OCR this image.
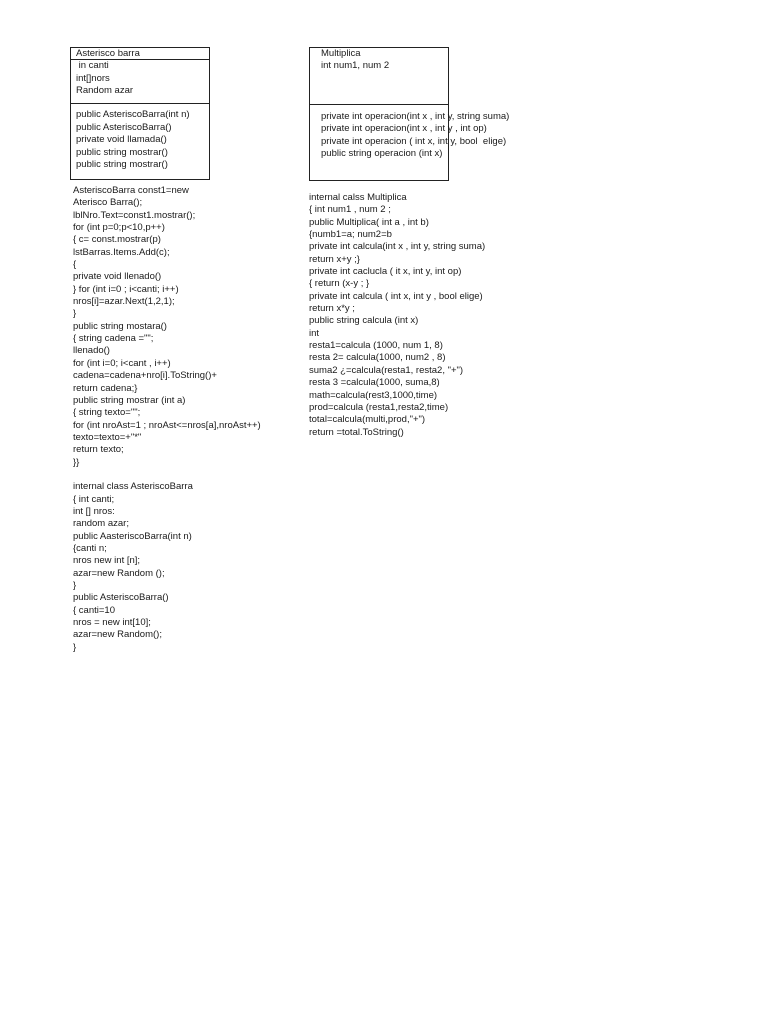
Asterisco barra
in canti
int[]nors
Random azar
public AsteriscoBarra(int n)
public AsteriscoBarra()
private void llamada()
public string mostrar()
public string mostrar()
Multiplica
int num1, num 2
private int operacion(int x , int y, string suma)
private int operacion(int x , int y , int op)
private int operacion ( int x, int y, bool  elige)
public string operacion (int x)
AsteriscoBarra const1=new
Aterisco Barra();
lblNro.Text=const1.mostrar();
for (int p=0;p<10,p++)
{ c= const.mostrar(p)
lstBarras.Items.Add(c);
{
private void llenado()
} for (int i=0 ; i<canti; i++)
nros[i]=azar.Next(1,2,1);
}
public string mostara()
{ string cadena ="";
llenado()
for (int i=0; i<cant , i++)
cadena=cadena+nro[i].ToString()+
return cadena;}
public string mostrar (int a)
{ string texto="";
for (int nroAst=1 ; nroAst<=nros[a],nroAst++)
texto=texto=+"*"
return texto;
}}

internal class AsteriscoBarra
{ int canti;
int [] nros:
random azar;
public AasteriscoBarra(int n)
{canti n;
nros new int [n];
azar=new Random ();
}
public AsteriscoBarra()
{ canti=10
nros = new int[10];
azar=new Random();
}
internal calss Multiplica
{ int num1 , num 2 ;
public Multiplica( int a , int b)
{numb1=a; num2=b
private int calcula(int x , int y, string suma)
return x+y ;}
private int caclucla ( it x, int y, int op)
{ return (x-y ; }
private int calcula ( int x, int y , bool elige)
return x*y ;
public string calcula (int x)
int
resta1=calcula (1000, num 1, 8)
resta 2= calcula(1000, num2 , 8)
suma2 ¿=calcula(resta1, resta2, "+")
resta 3 =calcula(1000, suma,8)
math=calcula(rest3,1000,time)
prod=calcula (resta1,resta2,time)
total=calcula(multi,prod,"+")
return =total.ToString()
